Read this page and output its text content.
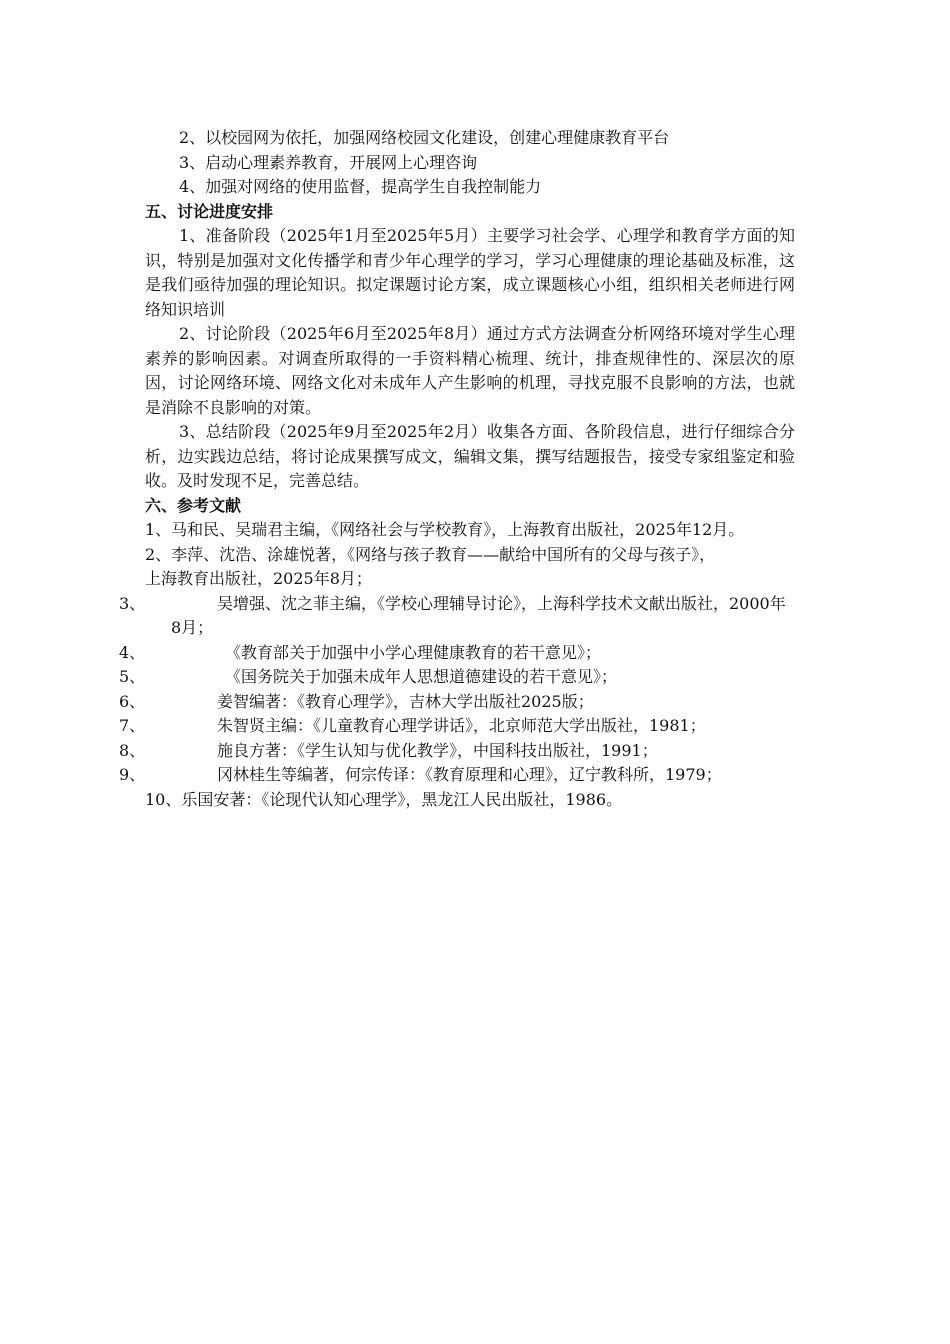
2、以校园网为依托，加强网络校园文化建设，创建心理健康教育平台

3、启动心理素养教育，开展网上心理咨询

4、加强对网络的使用监督，提高学生自我控制能力

五、讨论进度安排

1、准备阶段（2025年1月至2025年5月）主要学习社会学、心理学和教育学方面的知识，特别是加强对文化传播学和青少年心理学的学习，学习心理健康的理论基础及标准，这是我们亟待加强的理论知识。拟定课题讨论方案，成立课题核心小组，组织相关老师进行网络知识培训

2、讨论阶段（2025年6月至2025年8月）通过方式方法调查分析网络环境对学生心理素养的影响因素。对调查所取得的一手资料精心梳理、统计，排查规律性的、深层次的原因，讨论网络环境、网络文化对未成年人产生影响的机理，寻找克服不良影响的方法，也就是消除不良影响的对策。

3、总结阶段（2025年9月至2025年2月）收集各方面、各阶段信息，进行仔细综合分析，边实践边总结，将讨论成果撰写成文，编辑文集，撰写结题报告，接受专家组鉴定和验收。及时发现不足，完善总结。

六、参考文献

1、马和民、吴瑞君主编，《网络社会与学校教育》，上海教育出版社，2025年12月。

2、李萍、沈浩、涂雄悦著，《网络与孩子教育——献给中国所有的父母与孩子》，

上海教育出版社，2025年8月；

3、	吴增强、沈之菲主编，《学校心理辅导讨论》，上海科学技术文献出版社，2000年8月；

4、	《教育部关于加强中小学心理健康教育的若干意见》；

5、	《国务院关于加强未成年人思想道德建设的若干意见》；

6、	姜智编著：《教育心理学》，吉林大学出版社2025版；

7、	朱智贤主编：《儿童教育心理学讲话》，北京师范大学出版社，1981；

8、	施良方著：《学生认知与优化教学》，中国科技出版社，1991；

9、	冈林桂生等编著，何宗传译：《教育原理和心理》，辽宁教科所，1979；

10、乐国安著：《论现代认知心理学》，黑龙江人民出版社，1986。
